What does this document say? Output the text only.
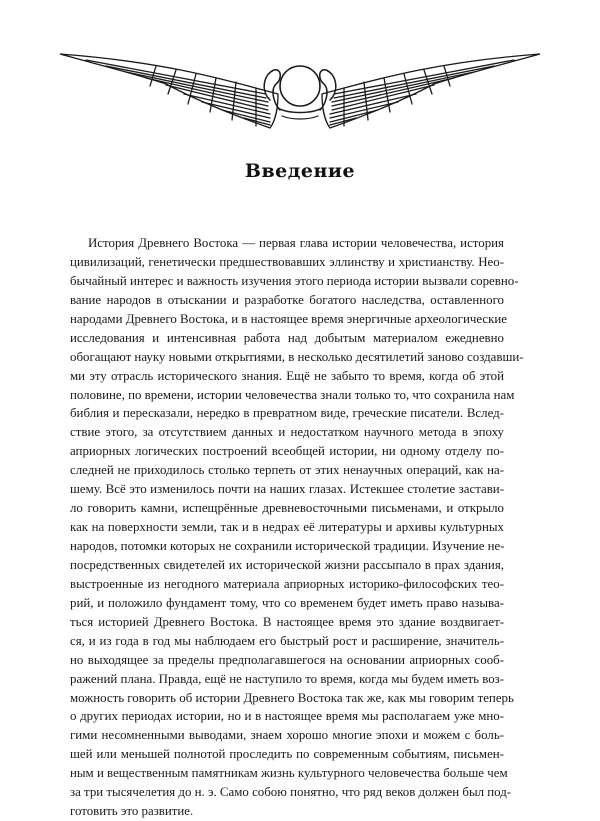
Введение
История Древнего Востока — первая глава истории человечества, история
цивилизаций, генетически предшествовавших эллинству и христианству. Нео-
бычайный интерес и важность изучения этого периода истории вызвали соревно-
вание народов в отыскании и разработке богатого наследства, оставленного
народами Древнего Востока, и в настоящее время энергичные археологические
исследования и интенсивная работа над добытым материалом ежедневно
обогащают науку новыми открытиями, в несколько десятилетий заново создавши-
ми эту отрасль исторического знания. Ещё не забыто то время, когда об этой
половине, по времени, истории человечества знали только то, что сохранила нам
библия и пересказали, нередко в превратном виде, греческие писатели. Вслед-
ствие этого, за отсутствием данных и недостатком научного метода в эпоху
априорных логических построений всеобщей истории, ни одному отделу по-
следней не приходилось столько терпеть от этих ненаучных операций, как на-
шему. Всё это изменилось почти на наших глазах. Истекшее столетие застави-
ло говорить камни, испещрённые древневосточными письменами, и открыло
как на поверхности земли, так и в недрах её литературы и архивы культурных
народов, потомки которых не сохранили исторической традиции. Изучение не-
посредственных свидетелей их исторической жизни рассыпало в прах здания,
выстроенные из негодного материала априорных историко-философских тео-
рий, и положило фундамент тому, что со временем будет иметь право называ-
ться историей Древнего Востока. В настоящее время это здание воздвигает-
ся, и из года в год мы наблюдаем его быстрый рост и расширение, значитель-
но выходящее за пределы предполагавшегося на основании априорных сооб-
ражений плана. Правда, ещё не наступило то время, когда мы будем иметь воз-
можность говорить об истории Древнего Востока так же, как мы говорим теперь
о других периодах истории, но и в настоящее время мы располагаем уже мно-
гими несомненными выводами, знаем хорошо многие эпохи и можем с боль-
шей или меньшей полнотой проследить по современным событиям, письмен-
ным и вещественным памятникам жизнь культурного человечества больше чем
за три тысячелетия до н. э. Само собою понятно, что ряд веков должен был под-
готовить это развитие.
